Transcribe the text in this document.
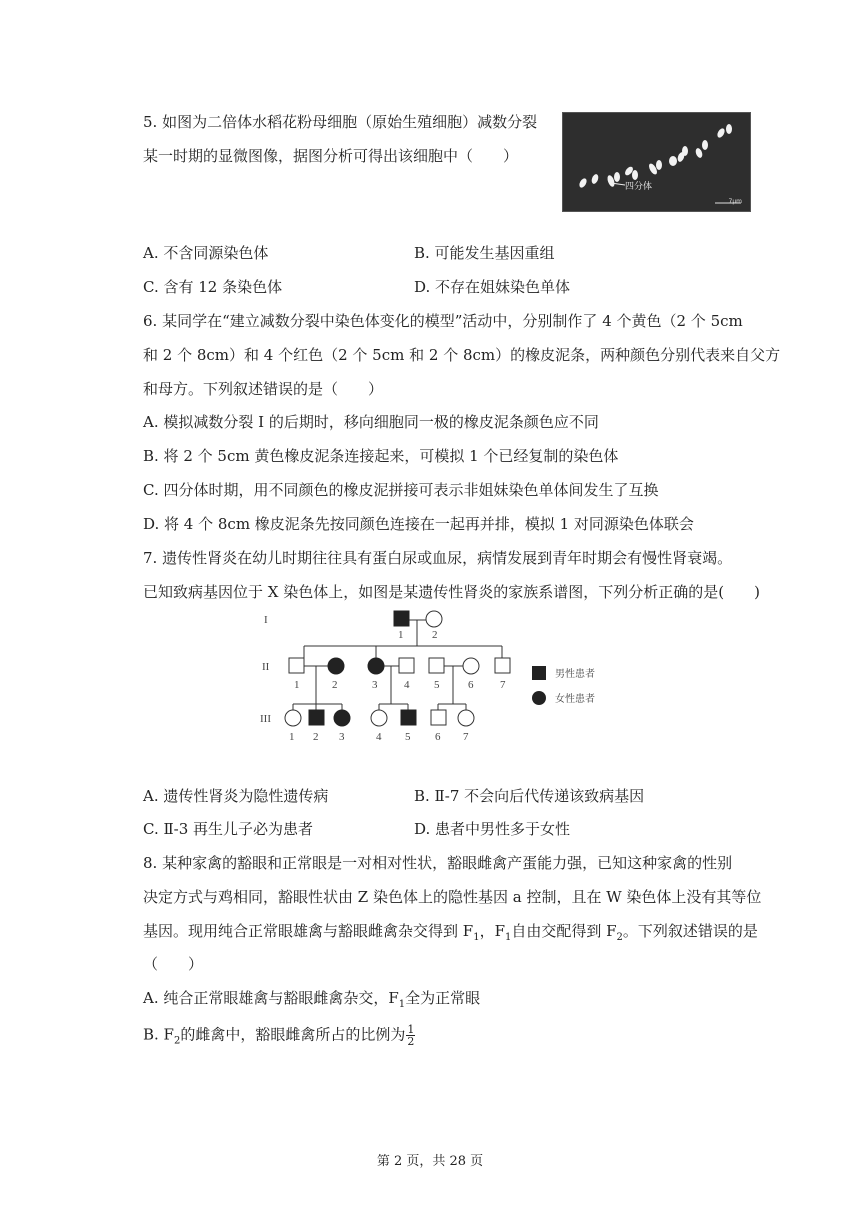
5. 如图为二倍体水稻花粉母细胞（原始生殖细胞）减数分裂
某一时期的显微图像，据图分析可得出该细胞中（　　）
四分体
7μm
A. 不含同源染色体	B. 可能发生基因重组
C. 含有 12 条染色体	D. 不存在姐妹染色单体
6. 某同学在“建立减数分裂中染色体变化的模型”活动中，分别制作了 4 个黄色（2 个 5cm
和 2 个 8cm）和 4 个红色（2 个 5cm 和 2 个 8cm）的橡皮泥条，两种颜色分别代表来自父方
和母方。下列叙述错误的是（　　）
A. 模拟减数分裂 I 的后期时，移向细胞同一极的橡皮泥条颜色应不同
B. 将 2 个 5cm 黄色橡皮泥条连接起来，可模拟 1 个已经复制的染色体
C. 四分体时期，用不同颜色的橡皮泥拼接可表示非姐妹染色单体间发生了互换
D. 将 4 个 8cm 橡皮泥条先按同颜色连接在一起再并排，模拟 1 对同源染色体联会
7. 遗传性肾炎在幼儿时期往往具有蛋白尿或血尿，病情发展到青年时期会有慢性肾衰竭。
已知致病基因位于 X 染色体上，如图是某遗传性肾炎的家族系谱图，下列分析正确的是(　　)
I
II
III
1	2
1	2	3 4 5	6 7
1 2 3	4 5 6 7
男性患者
女性患者
A. 遗传性肾炎为隐性遗传病	B. Ⅱ-7 不会向后代传递该致病基因
C. Ⅱ-3 再生儿子必为患者	D. 患者中男性多于女性
8. 某种家禽的豁眼和正常眼是一对相对性状，豁眼雌禽产蛋能力强，已知这种家禽的性别
决定方式与鸡相同，豁眼性状由 Z 染色体上的隐性基因 a 控制，且在 W 染色体上没有其等位
基因。现用纯合正常眼雄禽与豁眼雌禽杂交得到 $F_1$，$F_1$自由交配得到 $F_2$。下列叙述错误的是
（　　）
A. 纯合正常眼雄禽与豁眼雌禽杂交，$F_1$全为正常眼
B. $F_2$的雌禽中，豁眼雌禽所占的比例为 $\frac{1}{2}$
第 2 页，共 28 页
